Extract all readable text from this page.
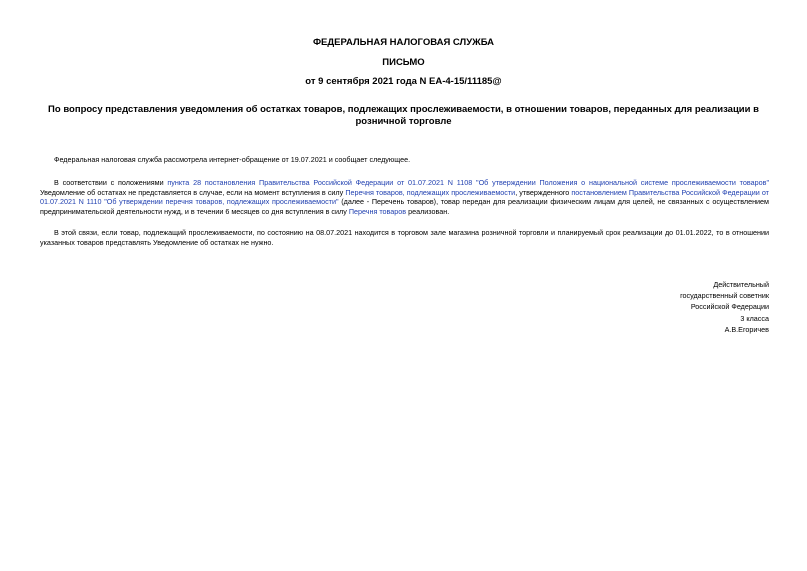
ФЕДЕРАЛЬНАЯ НАЛОГОВАЯ СЛУЖБА
ПИСЬМО
от 9 сентября 2021 года N ЕА-4-15/11185@
По вопросу представления уведомления об остатках товаров, подлежащих прослеживаемости, в отношении товаров, переданных для реализации в розничной торговле
Федеральная налоговая служба рассмотрела интернет-обращение от 19.07.2021 и сообщает следующее.
В соответствии с положениями пункта 28 постановления Правительства Российской Федерации от 01.07.2021 N 1108 "Об утверждении Положения о национальной системе прослеживаемости товаров" Уведомление об остатках не представляется в случае, если на момент вступления в силу Перечня товаров, подлежащих прослеживаемости, утвержденного постановлением Правительства Российской Федерации от 01.07.2021 N 1110 "Об утверждении перечня товаров, подлежащих прослеживаемости" (далее - Перечень товаров), товар передан для реализации физическим лицам для целей, не связанных с осуществлением предпринимательской деятельности нужд, и в течении 6 месяцев со дня вступления в силу Перечня товаров реализован.
В этой связи, если товар, подлежащий прослеживаемости, по состоянию на 08.07.2021 находится в торговом зале магазина розничной торговли и планируемый срок реализации до 01.01.2022, то в отношении указанных товаров представлять Уведомление об остатках не нужно.
Действительный
государственный советник
Российской Федерации
3 класса
А.В.Егоричев
